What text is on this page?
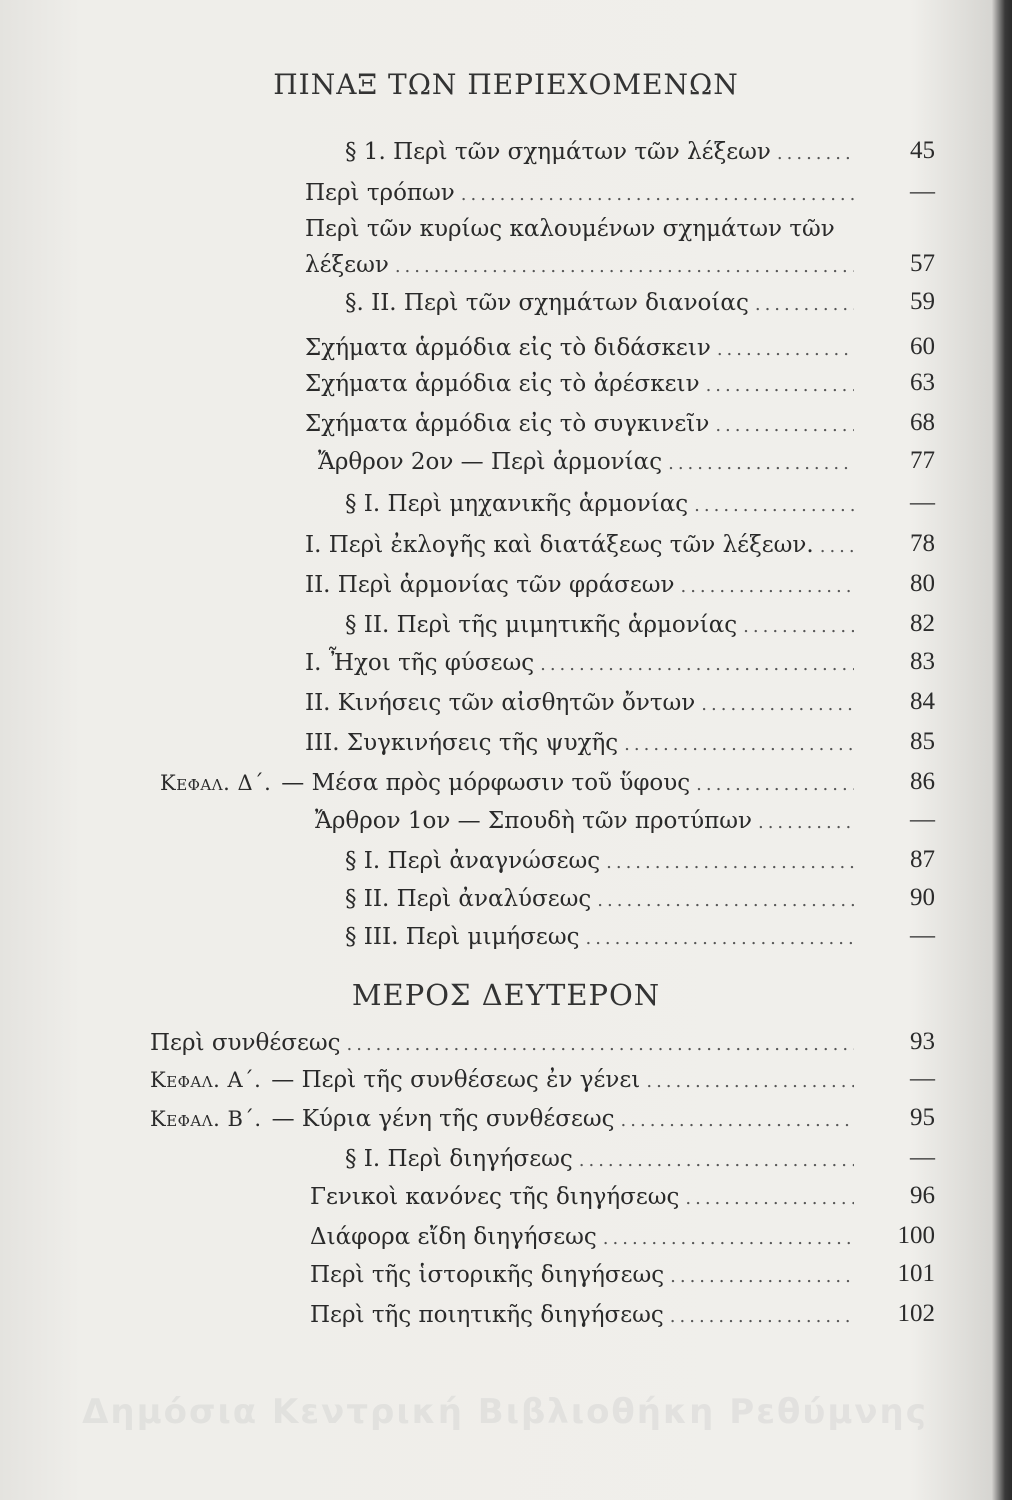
ΠΙΝΑΞ ΤΩΝ ΠΕΡΙΕΧΟΜΕΝΩΝ
§ 1. Περὶ τῶν σχημάτων τῶν λέξεων .....	45
Περὶ τρόπων .....	—
Περὶ τῶν κυρίως καλουμένων σχημάτων τῶν
λέξεων .....	57
§. ΙΙ. Περὶ τῶν σχημάτων διανοίας .....	59
Σχήματα ἁρμόδια εἰς τὸ διδάσκειν .....	60
Σχήματα ἁρμόδια εἰς τὸ ἀρέσκειν .....	63
Σχήματα ἁρμόδια εἰς τὸ συγκινεῖν .....	68
Ἄρθρον 2ον — Περὶ ἁρμονίας .....	77
§ Ι. Περὶ μηχανικῆς ἁρμονίας .....	—
Ι. Περὶ ἐκλογῆς καὶ διατάξεως τῶν λέξεων. .....	78
ΙΙ. Περὶ ἁρμονίας τῶν φράσεων .....	80
§ ΙΙ. Περὶ τῆς μιμητικῆς ἁρμονίας .....	82
Ι. Ἦχοι τῆς φύσεως .....	83
ΙΙ. Κινήσεις τῶν αἰσθητῶν ὄντων .....	84
ΙΙΙ. Συγκινήσεις τῆς ψυχῆς .....	85
Κεφαλ. Δ΄. — Μέσα πρὸς μόρφωσιν τοῦ ὕφους .....	86
Ἄρθρον 1ον — Σπουδὴ τῶν προτύπων .....	—
§ Ι. Περὶ ἀναγνώσεως .....	87
§ ΙΙ. Περὶ ἀναλύσεως .....	90
§ ΙΙΙ. Περὶ μιμήσεως .....	—
Περὶ συνθέσεως .....	93
Κεφαλ. Α΄. — Περὶ τῆς συνθέσεως ἐν γένει .....	—
Κεφαλ. Β΄. — Κύρια γένη τῆς συνθέσεως .....	95
§ Ι. Περὶ διηγήσεως .....	—
Γενικοὶ κανόνες τῆς διηγήσεως .....	96
Διάφορα εἴδη διηγήσεως .....	100
Περὶ τῆς ἱστορικῆς διηγήσεως .....	101
Περὶ τῆς ποιητικῆς διηγήσεως .....	102
ΜΕΡΟΣ ΔΕΥΤΕΡΟΝ
Δημόσια Κεντρική Βιβλιοθήκη Ρεθύμνης
